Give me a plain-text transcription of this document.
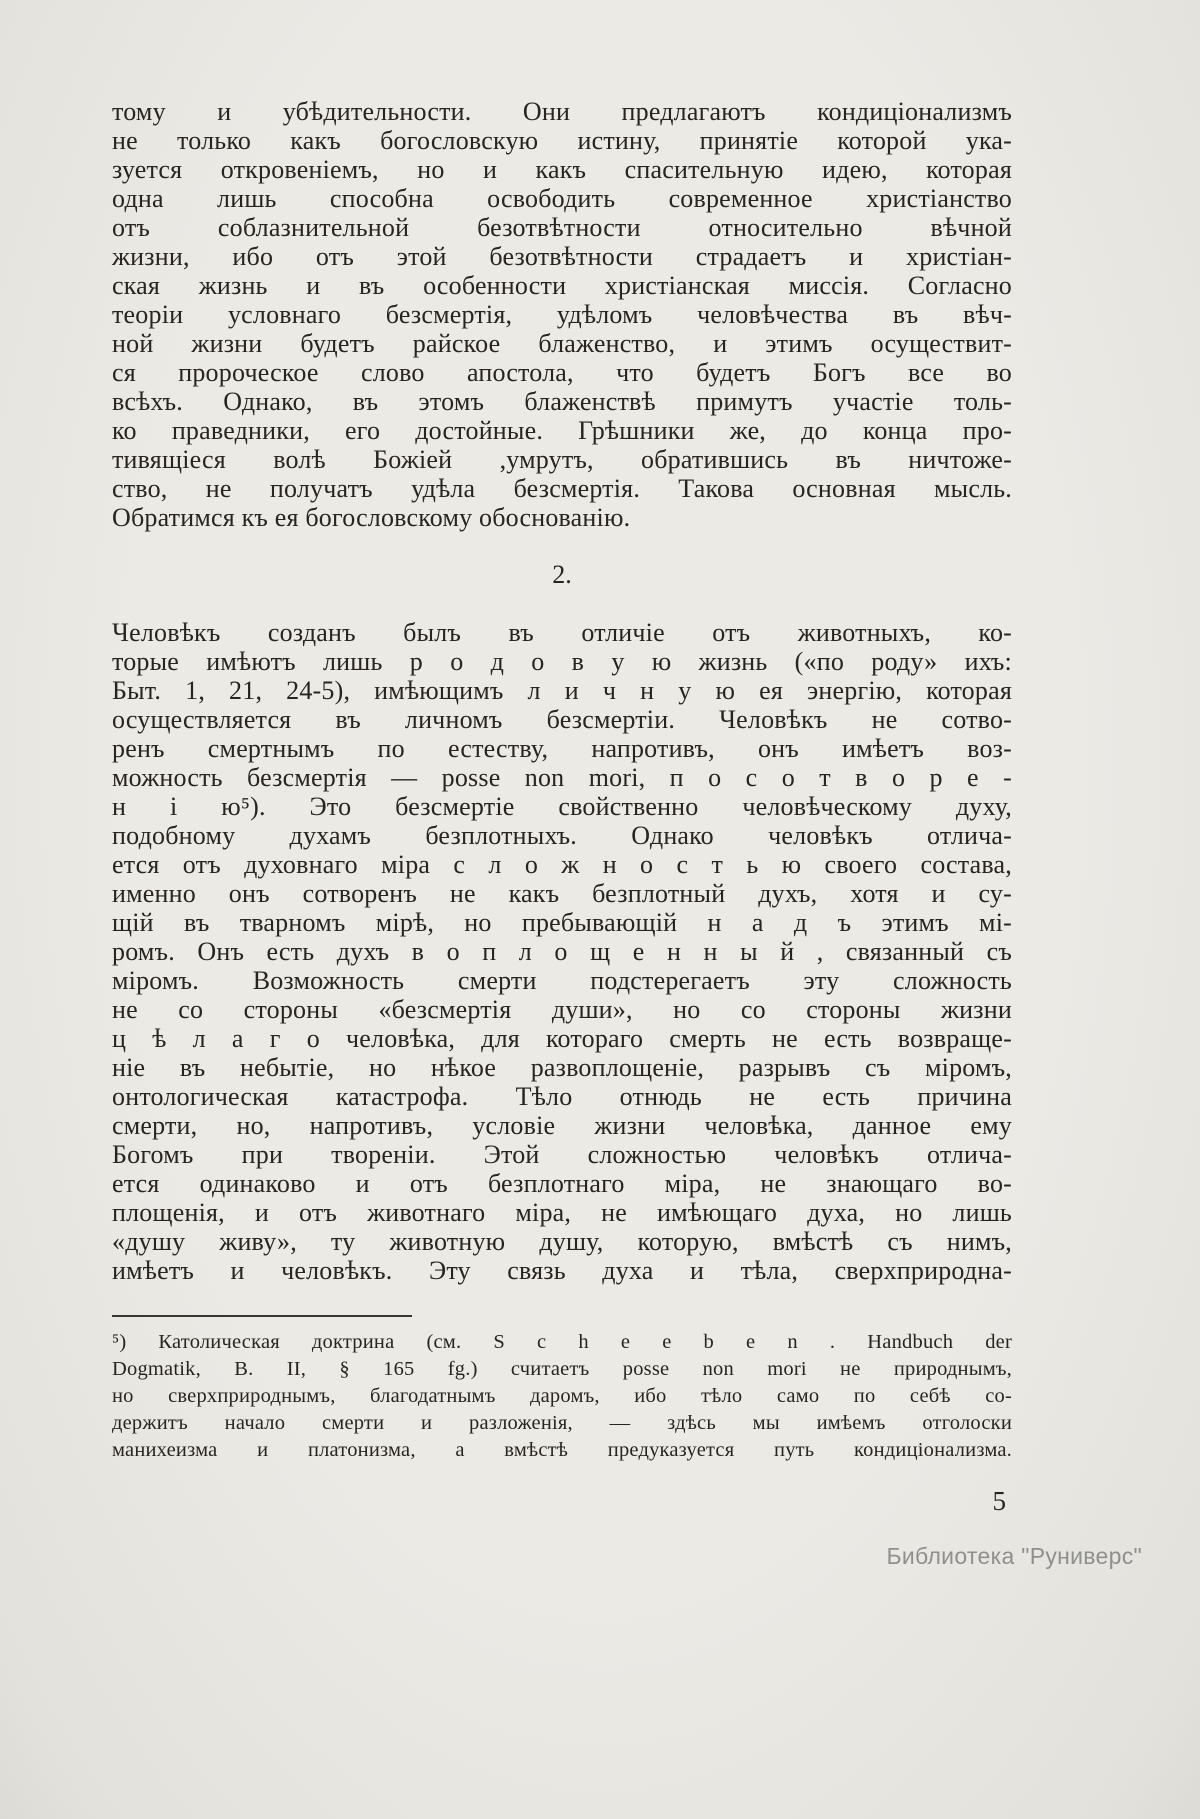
тому и убѣдительности. Они предлагаютъ кондиціонализмъ
не только какъ богословскую истину, принятіе которой ука-
зуется откровеніемъ, но и какъ спасительную идею, которая
одна лишь способна освободить современное христіанство
отъ соблазнительной безотвѣтности относительно вѣчной
жизни, ибо отъ этой безотвѣтности страдаетъ и христіан-
ская жизнь и въ особенности христіанская миссія. Согласно
теоріи условнаго безсмертія, удѣломъ человѣчества въ вѣч-
ной жизни будетъ райское блаженство, и этимъ осуществит-
ся пророческое слово апостола, что будетъ Богъ все во
всѣхъ. Однако, въ этомъ блаженствѣ примутъ участіе толь-
ко праведники, его достойные. Грѣшники же, до конца про-
тивящіеся волѣ Божіей ,умрутъ, обратившись въ ничтоже-
ство, не получатъ удѣла безсмертія. Такова основная мысль.
Обратимся къ ея богословскому обоснованію.
2.
Человѣкъ созданъ былъ въ отличіе отъ животныхъ, ко-
торые имѣютъ лишь р о д о в у ю жизнь («по роду» ихъ:
Быт. 1, 21, 24-5), имѣющимъ л и ч н у ю ея энергію, которая
осуществляется въ личномъ безсмертіи. Человѣкъ не сотво-
ренъ смертнымъ по естеству, напротивъ, онъ имѣетъ воз-
можность безсмертія — posse non mori, п о с о т в о р е -
н і ю⁵). Это безсмертіе свойственно человѣческому духу,
подобному духамъ безплотныхъ. Однако человѣкъ отлича-
ется отъ духовнаго міра с л о ж н о с т ь ю своего состава,
именно онъ сотворенъ не какъ безплотный духъ, хотя и су-
щій въ тварномъ мірѣ, но пребывающій н а д ъ этимъ мі-
ромъ. Онъ есть духъ в о п л о щ е н н ы й , связанный съ
міромъ. Возможность смерти подстерегаетъ эту сложность
не со стороны «безсмертія души», но со стороны жизни
ц ѣ л а г о человѣка, для котораго смерть не есть возвраще-
ніе въ небытіе, но нѣкое развоплощеніе, разрывъ съ міромъ,
онтологическая катастрофа. Тѣло отнюдь не есть причина
смерти, но, напротивъ, условіе жизни человѣка, данное ему
Богомъ при твореніи. Этой сложностью человѣкъ отлича-
ется одинаково и отъ безплотнаго міра, не знающаго во-
площенія, и отъ животнаго міра, не имѣющаго духа, но лишь
«душу живу», ту животную душу, которую, вмѣстѣ съ нимъ,
имѣетъ и человѣкъ. Эту связь духа и тѣла, сверхприродна-
⁵) Католическая доктрина (см. S c h e e b e n . Handbuch der
Dogmatik, B. II, § 165 fg.) считаетъ posse non mori не природнымъ,
но сверхприроднымъ, благодатнымъ даромъ, ибо тѣло само по себѣ со-
держитъ начало смерти и разложенія, — здѣсь мы имѣемъ отголоски
манихеизма и платонизма, а вмѣстѣ предуказуется путь кондиціонализма.
5
Библиотека "Руниверс"
